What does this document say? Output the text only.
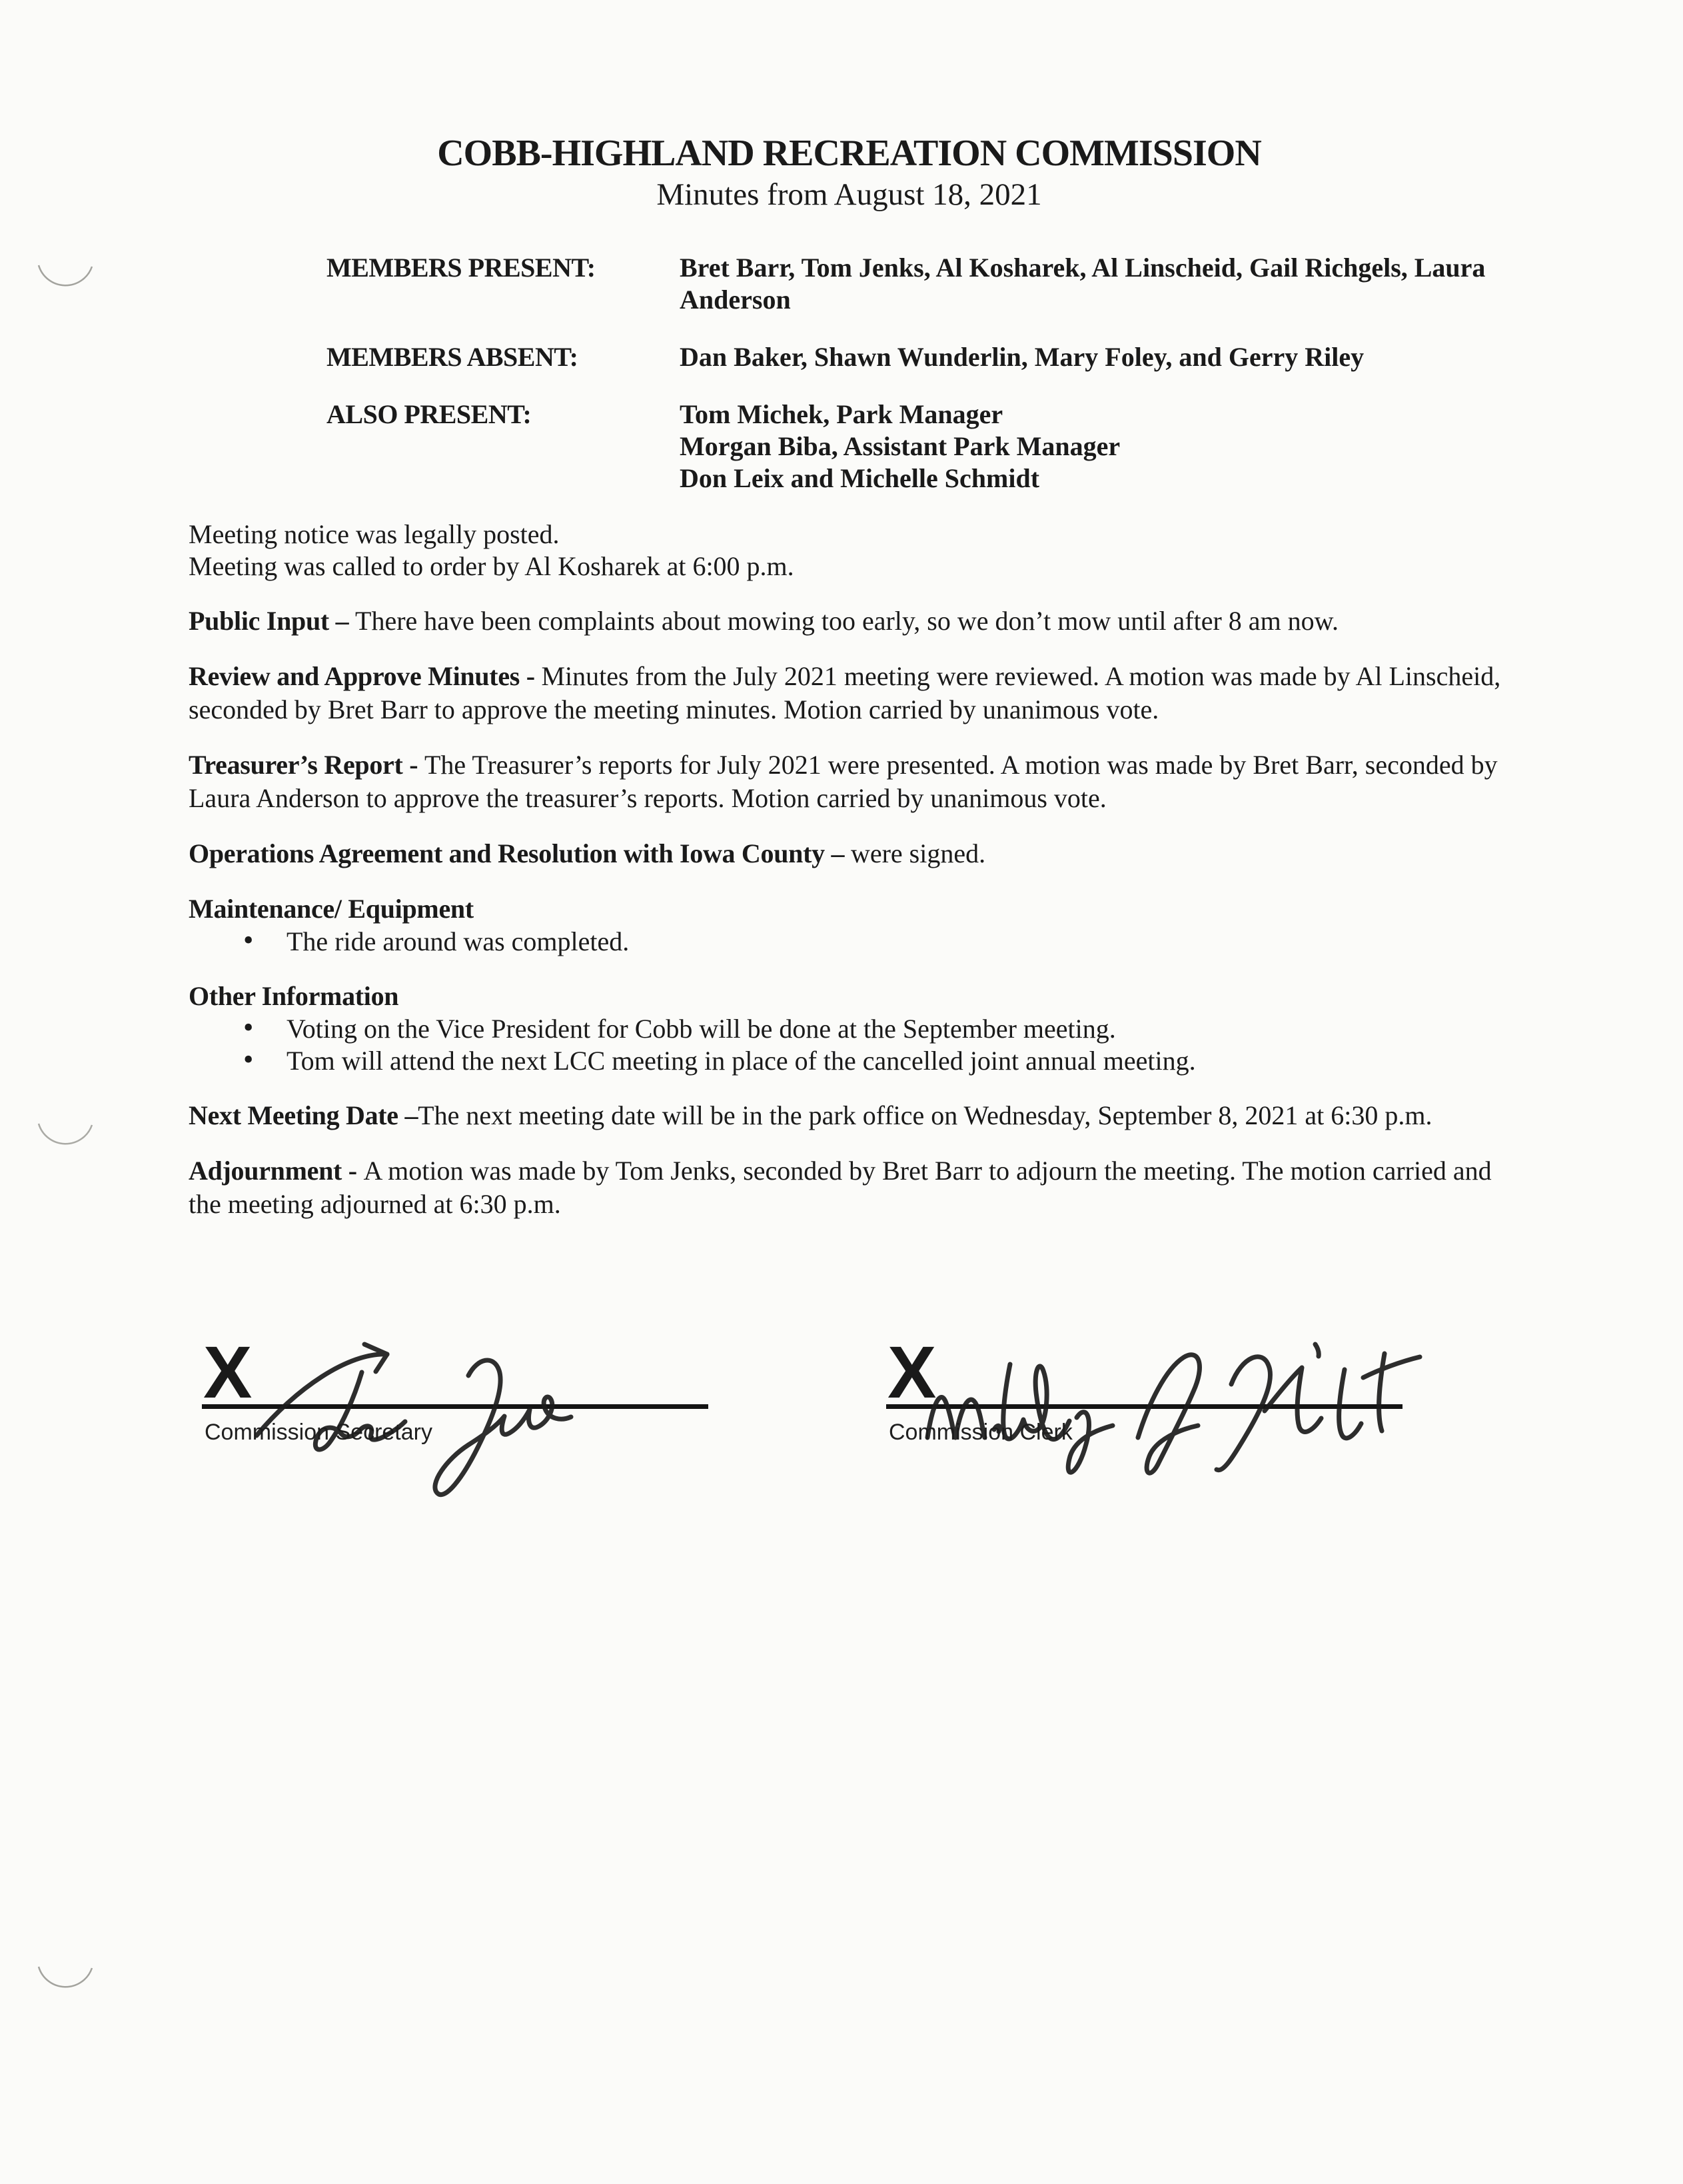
COBB-HIGHLAND RECREATION COMMISSION
Minutes from August 18, 2021
MEMBERS PRESENT:	Bret Barr, Tom Jenks, Al Kosharek, Al Linscheid, Gail Richgels, Laura Anderson
MEMBERS ABSENT:	Dan Baker, Shawn Wunderlin, Mary Foley, and Gerry Riley
ALSO PRESENT:	Tom Michek, Park Manager
Morgan Biba, Assistant Park Manager
Don Leix and Michelle Schmidt
Meeting notice was legally posted.
Meeting was called to order by Al Kosharek at 6:00 p.m.

Public Input – There have been complaints about mowing too early, so we don’t mow until after 8 am now.

Review and Approve Minutes - Minutes from the July 2021 meeting were reviewed. A motion was made by Al Linscheid, seconded by Bret Barr to approve the meeting minutes. Motion carried by unanimous vote.

Treasurer’s Report - The Treasurer’s reports for July 2021 were presented. A motion was made by Bret Barr, seconded by Laura Anderson to approve the treasurer’s reports. Motion carried by unanimous vote.

Operations Agreement and Resolution with Iowa County – were signed.

Maintenance/ Equipment
• The ride around was completed.
Other Information
• Voting on the Vice President for Cobb will be done at the September meeting.
• Tom will attend the next LCC meeting in place of the cancelled joint annual meeting.

Next Meeting Date –The next meeting date will be in the park office on Wednesday, September 8, 2021 at 6:30 p.m.

Adjournment - A motion was made by Tom Jenks, seconded by Bret Barr to adjourn the meeting. The motion carried and the meeting adjourned at 6:30 p.m.

X
Commission Secretary
X
Commission Clerk
